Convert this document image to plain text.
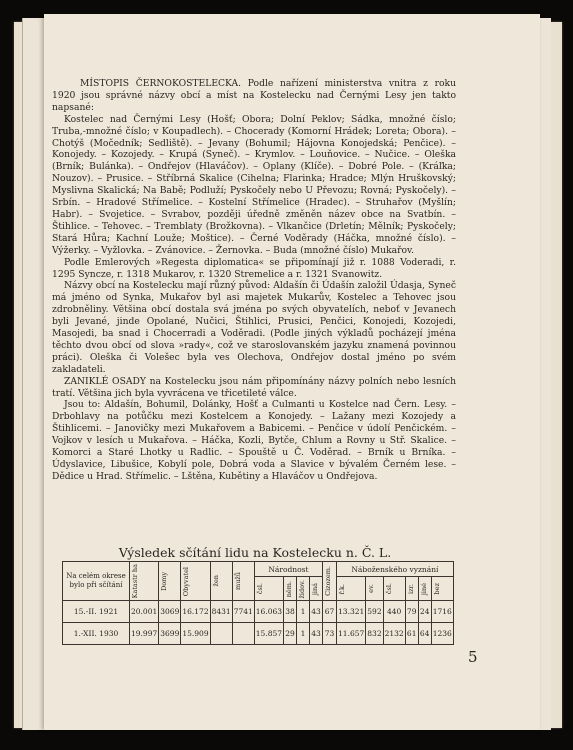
MÍSTOPIS ČERNOKOSTELECKA. Podle nařízení ministerstva vnitra z roku 1920 jsou správné názvy obcí a míst na Kostelecku nad Černými Lesy jen takto napsané:

Kostelec nad Černými Lesy (Hošť; Obora; Dolní Peklov; Sádka, množné číslo; Truba,-množné číslo; v Koupadlech). – Chocerady (Komorní Hrádek; Loreta; Obora). – Chotýš (Močedník; Sedliště). – Jevany (Bohumil; Hájovna Konojedská; Penčice). – Konojedy. – Kozojedy. – Krupá (Syneč). – Krymlov. – Louňovice. – Nučice. – Oleška (Brník; Bulánka). – Ondřejov (Hlaváčov). – Oplany (Klíče). – Dobré Pole. – (Kráľka; Nouzov). – Prusice. – Stříbrná Skalice (Cihelna; Flarinka; Hradce; Mlýn Hruškovský; Myslivna Skalická; Na Babě; Podluží; Pyskočely nebo U Převozu; Rovná; Pyskočely). – Srbín. – Hradové Střímelice. – Kostelní Střímelice (Hradec). – Struhařov (Myšlín; Habr). – Svojetice. – Svrabov, později úředně změněn název obce na Svatbín. – Štihlice. – Tehovec. – Tremblaty (Brožkovna). – Vlkančice (Drletín; Mělník; Pyskočely; Stará Hůra; Kachní Louže; Moštice). – Černé Voděrady (Háčka, množné číslo). – Výžerky. – Vyžlovka. – Zvánovice. – Žernovka. – Buda (množné číslo) Mukařov.

Podle Emlerových »Regesta diplomatica« se připomínají již r. 1088 Voderadi, r. 1295 Syncze, r. 1318 Mukarov, r. 1320 Stremelice a r. 1321 Svanowitz.

Názvy obcí na Kostelecku mají různý původ: Aldašín či Údašín založil Údasja, Syneč má jméno od Synka, Mukařov byl asi majetek Mukarův, Kostelec a Tehovec jsou zdrobněliny. Většina obcí dostala svá jména po svých obyvatelích, neboť v Jevanech byli Jevané, jinde Opolané, Nučici, Štihlici, Prusici, Penčici, Konojedi, Kozojedi, Masojedi, ba snad i Chocerradi a Voděradi. (Podle jiných výkladů pocházejí jména těchto dvou obcí od slova »rady«, což ve staroslovanském jazyku znamená povinnou práci). Oleška či Volešec byla ves Olechova, Ondřejov dostal jméno po svém zakladateli.

ZANIKLÉ OSADY na Kostelecku jsou nám připomínány názvy polních nebo lesních tratí. Většina jich byla vyvrácena ve třicetileté válce.

Jsou to: Aldašín, Bohumil, Dolánky, Hošť a Culmanti u Kostelce nad Čern. Lesy. – Drbohlavy na potůčku mezi Kostelcem a Konojedy. – Lažany mezi Kozojedy a Štihlicemi. – Janovičky mezi Mukařovem a Babicemi. – Penčice v údolí Penčickém. – Vojkov v lesích u Mukařova. – Háčka, Kozli, Bytče, Chlum a Rovny u Stř. Skalice. – Komorci a Staré Lhotky u Radlic. – Spouště u Č. Voděrad. – Brník u Brníka. – Údyslavice, Libušice, Kobylí pole, Dobrá voda a Slavice v bývalém Černém lese. – Dědice u Hrad. Střímelic. – Lštěna, Kubětiny a Hlaváčov u Ondřejova.

Výsledek sčítání lidu na Kostelecku n. Č. L.
Na celém okrese bylo při sčítání	Katastr ha	Domy	Obyvatel	žen	mužů	Národnost				Cizozem.	Náboženského vyznání					

						čsl.	něm.	židov.	jiná		ř.k.	ev.	čsl.	izr.	jiné	bez

15.-II. 1921	20.001	3069	16.172	8431	7741	16.063	38	1	43	67	13.321	592	440	79	24	1716
1.-XII. 1930	19.997	3699	15.909			15.857	29	1	43	73	11.657	832	2132	61	64	1236
5
